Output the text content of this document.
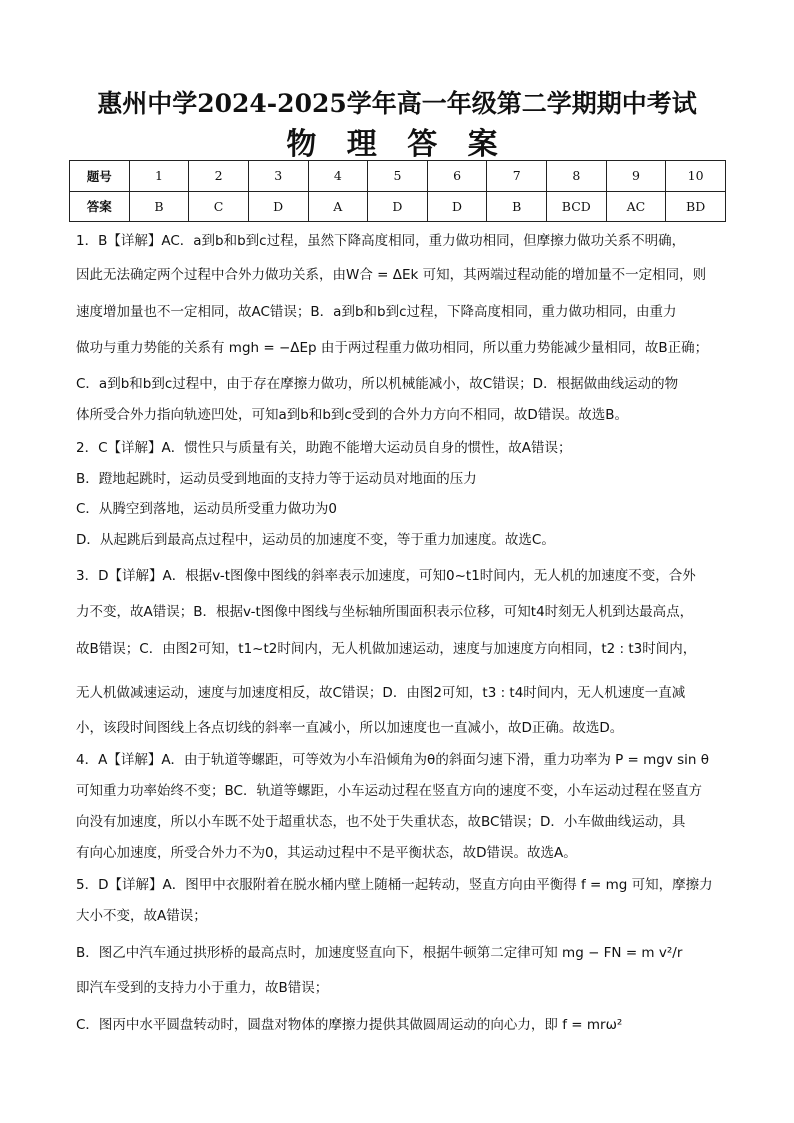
惠州中学2024-2025学年高一年级第二学期期中考试
物 理 答 案
题号	1	2	3	4	5	6	7	8	9	10
答案	B	C	D	A	D	D	B	BCD	AC	BD
1．B【详解】AC．a到b和b到c过程，虽然下降高度相同，重力做功相同，但摩擦力做功关系不明确，
因此无法确定两个过程中合外力做功关系，由W合 = ΔEk 可知，其两端过程动能的增加量不一定相同，则
速度增加量也不一定相同，故AC错误；B．a到b和b到c过程，下降高度相同，重力做功相同，由重力
做功与重力势能的关系有 mgh = −ΔEp 由于两过程重力做功相同，所以重力势能减少量相同，故B正确；
C．a到b和b到c过程中，由于存在摩擦力做功，所以机械能减小，故C错误；D．根据做曲线运动的物
体所受合外力指向轨迹凹处，可知a到b和b到c受到的合外力方向不相同，故D错误。故选B。
2．C【详解】A．惯性只与质量有关，助跑不能增大运动员自身的惯性，故A错误；
B．蹬地起跳时，运动员受到地面的支持力等于运动员对地面的压力
C．从腾空到落地，运动员所受重力做功为0
D．从起跳后到最高点过程中，运动员的加速度不变，等于重力加速度。故选C。
3．D【详解】A．根据v-t图像中图线的斜率表示加速度，可知0~t1时间内，无人机的加速度不变，合外
力不变，故A错误；B．根据v-t图像中图线与坐标轴所围面积表示位移，可知t4时刻无人机到达最高点，
故B错误；C．由图2可知，t1~t2时间内，无人机做加速运动，速度与加速度方向相同，t2 : t3时间内，
无人机做减速运动，速度与加速度相反，故C错误；D．由图2可知，t3 : t4时间内，无人机速度一直减
小，该段时间图线上各点切线的斜率一直减小，所以加速度也一直减小，故D正确。故选D。
4．A【详解】A．由于轨道等螺距，可等效为小车沿倾角为θ的斜面匀速下滑，重力功率为 P = mgv sin θ
可知重力功率始终不变；BC．轨道等螺距，小车运动过程在竖直方向的速度不变，小车运动过程在竖直方
向没有加速度，所以小车既不处于超重状态，也不处于失重状态，故BC错误；D．小车做曲线运动，具
有向心加速度，所受合外力不为0，其运动过程中不是平衡状态，故D错误。故选A。
5．D【详解】A．图甲中衣服附着在脱水桶内壁上随桶一起转动，竖直方向由平衡得 f = mg 可知，摩擦力
大小不变，故A错误；
B．图乙中汽车通过拱形桥的最高点时，加速度竖直向下，根据牛顿第二定律可知 mg − FN = m v²/r
即汽车受到的支持力小于重力，故B错误；
C．图丙中水平圆盘转动时，圆盘对物体的摩擦力提供其做圆周运动的向心力，即 f = mrω²
